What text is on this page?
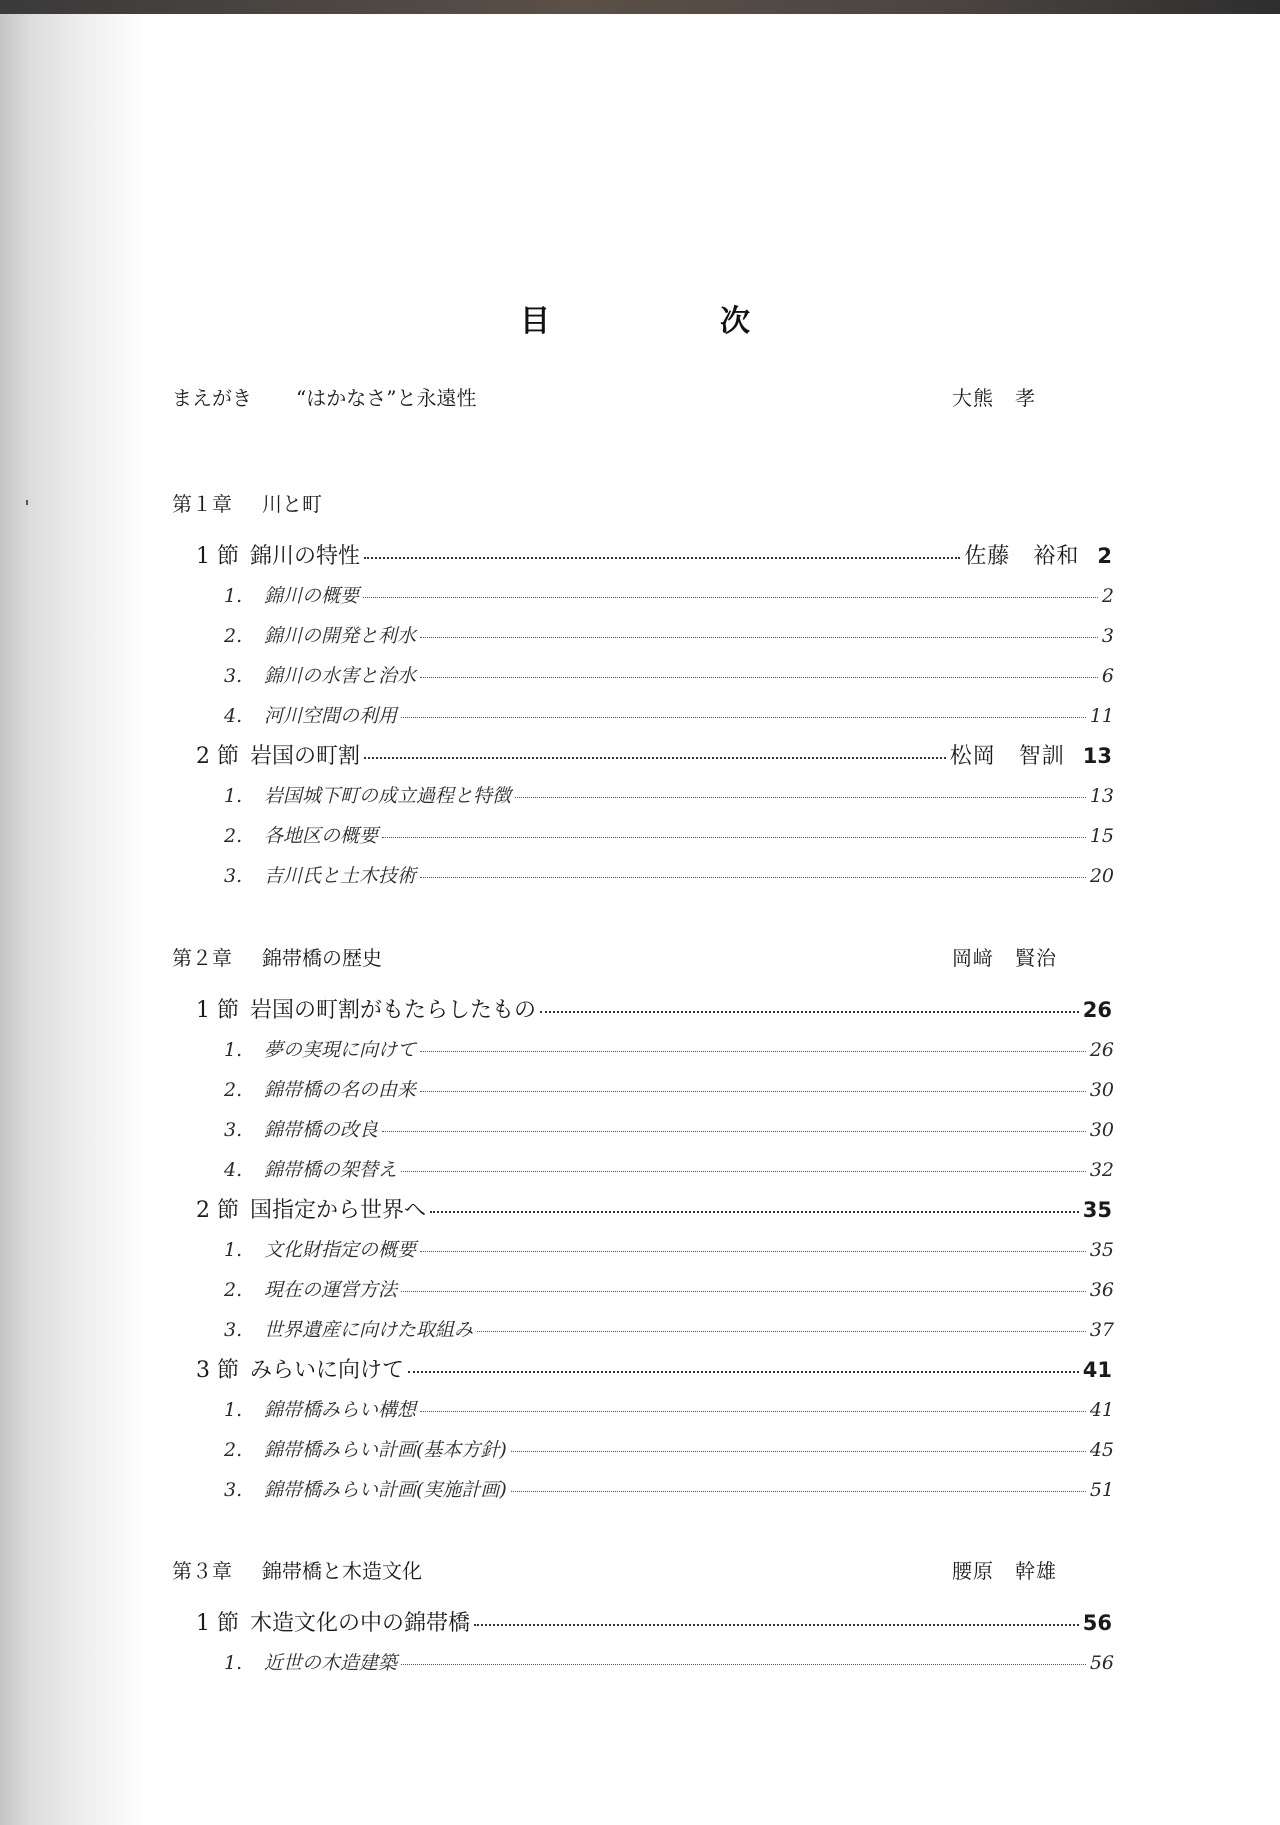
目	次
まえがき “はかなさ”と永遠性	大熊　孝
第１章 川と町
1 節 錦川の特性	佐藤　裕和 2
1.	錦川の概要	2
2.	錦川の開発と利水	3
3.	錦川の水害と治水	6
4.	河川空間の利用	11
2 節 岩国の町割	松岡　智訓 13
1.	岩国城下町の成立過程と特徴	13
2.	各地区の概要	15
3.	吉川氏と土木技術	20
第２章 錦帯橋の歴史	岡﨑　賢治
1 節 岩国の町割がもたらしたもの	26
1.	夢の実現に向けて	26
2.	錦帯橋の名の由来	30
3.	錦帯橋の改良	30
4.	錦帯橋の架替え	32
2 節 国指定から世界へ	35
1.	文化財指定の概要	35
2.	現在の運営方法	36
3.	世界遺産に向けた取組み	37
3 節 みらいに向けて	41
1.	錦帯橋みらい構想	41
2.	錦帯橋みらい計画(基本方針)	45
3.	錦帯橋みらい計画(実施計画)	51
第３章 錦帯橋と木造文化	腰原　幹雄
1 節 木造文化の中の錦帯橋	56
1.	近世の木造建築	56
